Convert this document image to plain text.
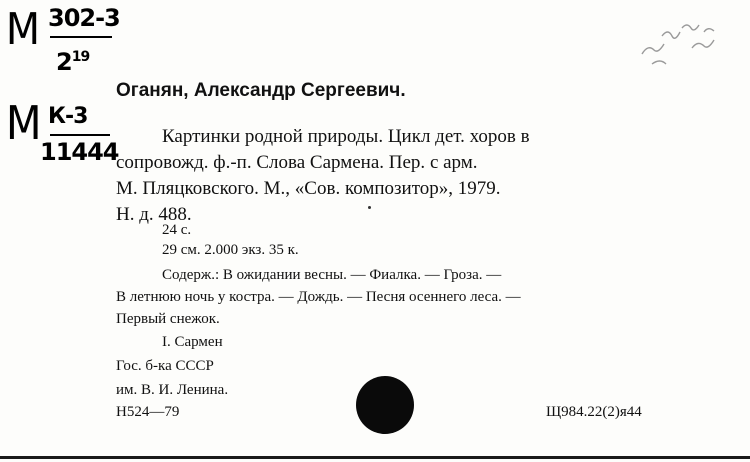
М 302-3
$2^{19}$
М К-3
11444
Оганян, Александр Сергеевич.
Картинки родной природы. Цикл дет. хоров в
сопровожд. ф.-п. Слова Сармена. Пер. с арм.
М. Пляцковского. М., «Сов. композитор», 1979.
Н. д. 488.
24 с.
29 см. 2.000 экз. 35 к.
Содерж.: В ожидании весны. — Фиалка. — Гроза. —
В летнюю ночь у костра. — Дождь. — Песня осеннего леса. —
Первый снежок.
I. Сармен
Гос. б-ка СССР
им. В. И. Ленина.
Н524—79	Щ984.22(2)я44
